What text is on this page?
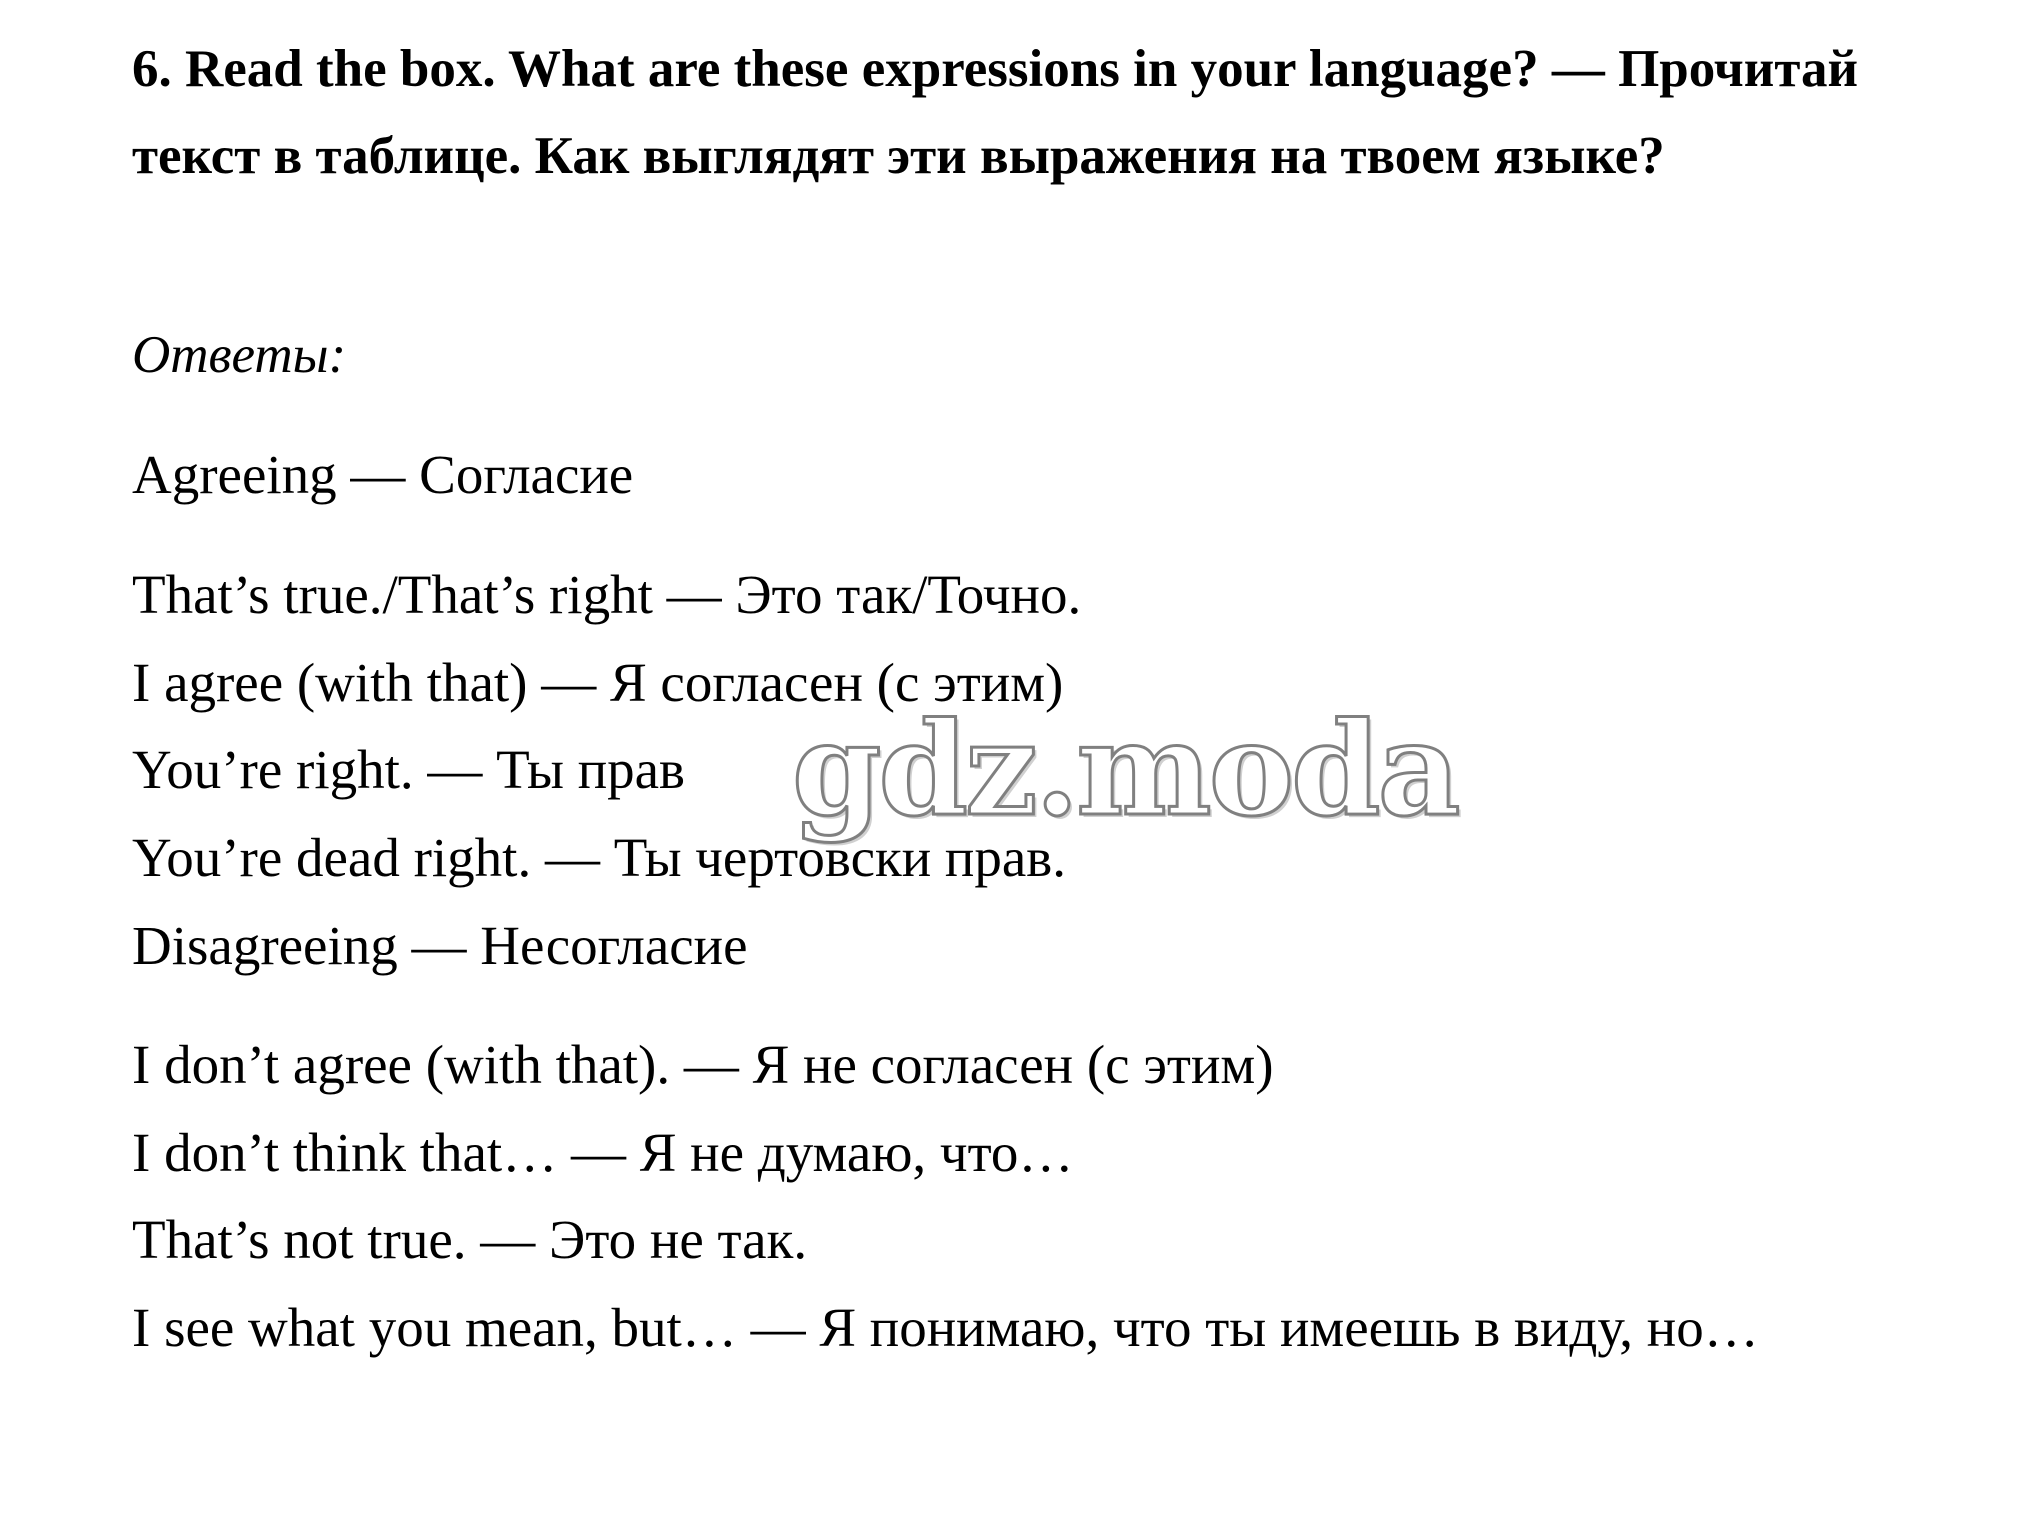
6. Read the box. What are these expressions in your language? — Прочитай текст в таблице. Как выглядят эти выражения на твоем языке?

Ответы:

Agreeing — Согласие

That’s true./That’s right — Это так/Точно.

I agree (with that) — Я согласен (с этим)

You’re right. — Ты прав

You’re dead right. — Ты чертовски прав.

Disagreeing — Несогласие

I don’t agree (with that). — Я не согласен (с этим)

I don’t think that… — Я не думаю, что…

That’s not true. — Это не так.

I see what you mean, but… — Я понимаю, что ты имеешь в виду, но…

gdz.moda
